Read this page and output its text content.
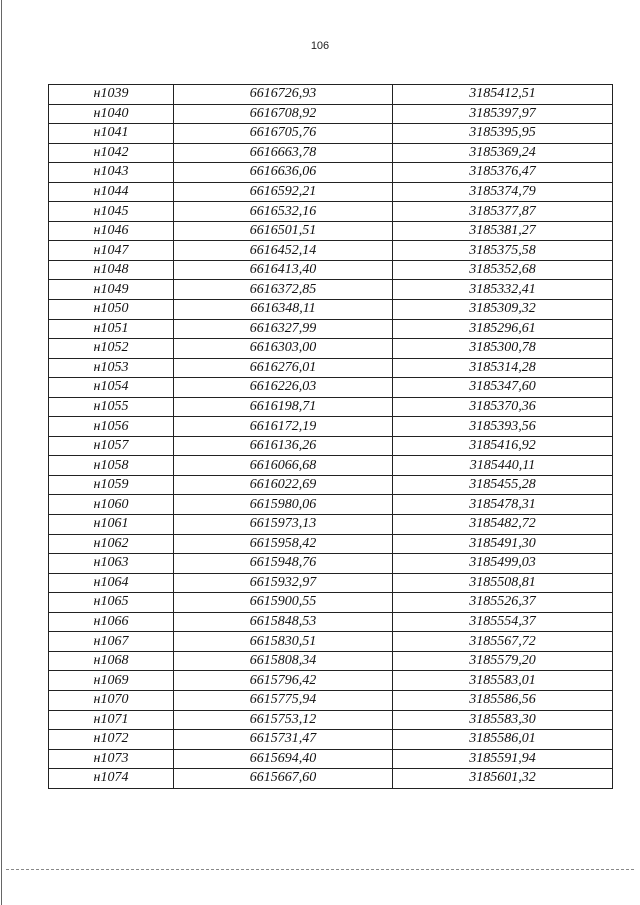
106
н1039	6616726,93	3185412,51
н1040	6616708,92	3185397,97
н1041	6616705,76	3185395,95
н1042	6616663,78	3185369,24
н1043	6616636,06	3185376,47
н1044	6616592,21	3185374,79
н1045	6616532,16	3185377,87
н1046	6616501,51	3185381,27
н1047	6616452,14	3185375,58
н1048	6616413,40	3185352,68
н1049	6616372,85	3185332,41
н1050	6616348,11	3185309,32
н1051	6616327,99	3185296,61
н1052	6616303,00	3185300,78
н1053	6616276,01	3185314,28
н1054	6616226,03	3185347,60
н1055	6616198,71	3185370,36
н1056	6616172,19	3185393,56
н1057	6616136,26	3185416,92
н1058	6616066,68	3185440,11
н1059	6616022,69	3185455,28
н1060	6615980,06	3185478,31
н1061	6615973,13	3185482,72
н1062	6615958,42	3185491,30
н1063	6615948,76	3185499,03
н1064	6615932,97	3185508,81
н1065	6615900,55	3185526,37
н1066	6615848,53	3185554,37
н1067	6615830,51	3185567,72
н1068	6615808,34	3185579,20
н1069	6615796,42	3185583,01
н1070	6615775,94	3185586,56
н1071	6615753,12	3185583,30
н1072	6615731,47	3185586,01
н1073	6615694,40	3185591,94
н1074	6615667,60	3185601,32
